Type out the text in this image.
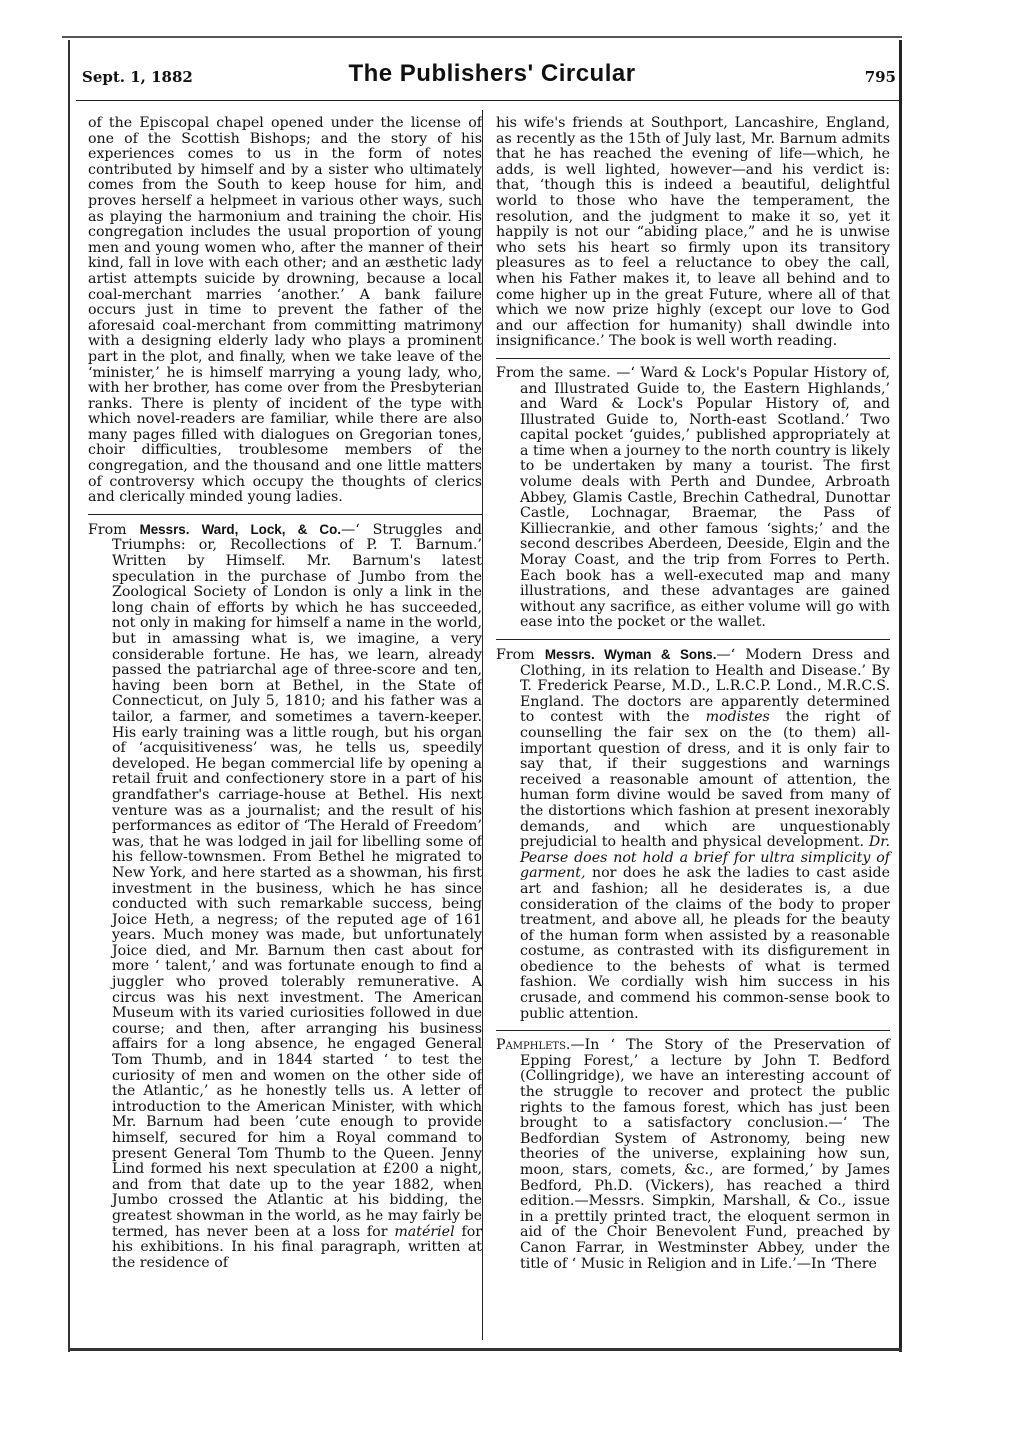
Sept. 1, 1882	The Publishers' Circular	795

of the Episcopal chapel opened under the license of one of the Scottish Bishops; and the story of his experiences comes to us in the form of notes contributed by himself and by a sister who ultimately comes from the South to keep house for him, and proves herself a helpmeet in various other ways, such as playing the harmonium and training the choir. His congregation includes the usual proportion of young men and young women who, after the manner of their kind, fall in love with each other; and an æsthetic lady artist attempts suicide by drowning, because a local coal-merchant marries ‘another.’ A bank failure occurs just in time to prevent the father of the aforesaid coal-merchant from committing matrimony with a designing elderly lady who plays a prominent part in the plot, and finally, when we take leave of the ‘minister,’ he is himself marrying a young lady, who, with her brother, has come over from the Presbyterian ranks. There is plenty of incident of the type with which novel-readers are familiar, while there are also many pages filled with dialogues on Gregorian tones, choir difficulties, troublesome members of the congregation, and the thousand and one little matters of controversy which occupy the thoughts of clerics and clerically minded young ladies.

From Messrs. Ward, Lock, & Co.—‘ Struggles and Triumphs: or, Recollections of P. T. Barnum.’ Written by Himself. Mr. Barnum's latest speculation in the purchase of Jumbo from the Zoological Society of London is only a link in the long chain of efforts by which he has succeeded, not only in making for himself a name in the world, but in amassing what is, we imagine, a very considerable fortune. He has, we learn, already passed the patriarchal age of three-score and ten, having been born at Bethel, in the State of Connecticut, on July 5, 1810; and his father was a tailor, a farmer, and sometimes a tavern-keeper. His early training was a little rough, but his organ of ‘acquisitiveness’ was, he tells us, speedily developed. He began commercial life by opening a retail fruit and confectionery store in a part of his grandfather's carriage-house at Bethel. His next venture was as a journalist; and the result of his performances as editor of ‘The Herald of Freedom’ was, that he was lodged in jail for libelling some of his fellow-townsmen. From Bethel he migrated to New York, and here started as a showman, his first investment in the business, which he has since conducted with such remarkable success, being Joice Heth, a negress; of the reputed age of 161 years. Much money was made, but unfortunately Joice died, and Mr. Barnum then cast about for more ‘ talent,’ and was fortunate enough to find a juggler who proved tolerably remunerative. A circus was his next investment. The American Museum with its varied curiosities followed in due course; and then, after arranging his business affairs for a long absence, he engaged General Tom Thumb, and in 1844 started ‘ to test the curiosity of men and women on the other side of the Atlantic,’ as he honestly tells us. A letter of introduction to the American Minister, with which Mr. Barnum had been ’cute enough to provide himself, secured for him a Royal command to present General Tom Thumb to the Queen. Jenny Lind formed his next speculation at £200 a night, and from that date up to the year 1882, when Jumbo crossed the Atlantic at his bidding, the greatest showman in the world, as he may fairly be termed, has never been at a loss for matériel for his exhibitions. In his final paragraph, written at the residence of

his wife's friends at Southport, Lancashire, England, as recently as the 15th of July last, Mr. Barnum admits that he has reached the evening of life—which, he adds, is well lighted, however—and his verdict is: that, ‘though this is indeed a beautiful, delightful world to those who have the temperament, the resolution, and the judgment to make it so, yet it happily is not our “abiding place,” and he is unwise who sets his heart so firmly upon its transitory pleasures as to feel a reluctance to obey the call, when his Father makes it, to leave all behind and to come higher up in the great Future, where all of that which we now prize highly (except our love to God and our affection for humanity) shall dwindle into insignificance.’ The book is well worth reading.

From the same. —‘ Ward & Lock's Popular History of, and Illustrated Guide to, the Eastern Highlands,’ and Ward & Lock's Popular History of, and Illustrated Guide to, North-east Scotland.’ Two capital pocket ‘guides,’ published appropriately at a time when a journey to the north country is likely to be undertaken by many a tourist. The first volume deals with Perth and Dundee, Arbroath Abbey, Glamis Castle, Brechin Cathedral, Dunottar Castle, Lochnagar, Braemar, the Pass of Killiecrankie, and other famous ‘sights;’ and the second describes Aberdeen, Deeside, Elgin and the Moray Coast, and the trip from Forres to Perth. Each book has a well-executed map and many illustrations, and these advantages are gained without any sacrifice, as either volume will go with ease into the pocket or the wallet.

From Messrs. Wyman & Sons.—‘ Modern Dress and Clothing, in its relation to Health and Disease.’ By T. Frederick Pearse, M.D., L.R.C.P. Lond., M.R.C.S. England. The doctors are apparently determined to contest with the modistes the right of counselling the fair sex on the (to them) all-important question of dress, and it is only fair to say that, if their suggestions and warnings received a reasonable amount of attention, the human form divine would be saved from many of the distortions which fashion at present inexorably demands, and which are unquestionably prejudicial to health and physical development. Dr. Pearse does not hold a brief for ultra simplicity of garment, nor does he ask the ladies to cast aside art and fashion; all he desiderates is, a due consideration of the claims of the body to proper treatment, and above all, he pleads for the beauty of the human form when assisted by a reasonable costume, as contrasted with its disfigurement in obedience to the behests of what is termed fashion. We cordially wish him success in his crusade, and commend his common-sense book to public attention.

Pamphlets.—In ‘ The Story of the Preservation of Epping Forest,’ a lecture by John T. Bedford (Collingridge), we have an interesting account of the struggle to recover and protect the public rights to the famous forest, which has just been brought to a satisfactory conclusion.—‘ The Bedfordian System of Astronomy, being new theories of the universe, explaining how sun, moon, stars, comets, &c., are formed,’ by James Bedford, Ph.D. (Vickers), has reached a third edition.—Messrs. Simpkin, Marshall, & Co., issue in a prettily printed tract, the eloquent sermon in aid of the Choir Benevolent Fund, preached by Canon Farrar, in Westminster Abbey, under the title of ‘ Music in Religion and in Life.’—In ‘There
